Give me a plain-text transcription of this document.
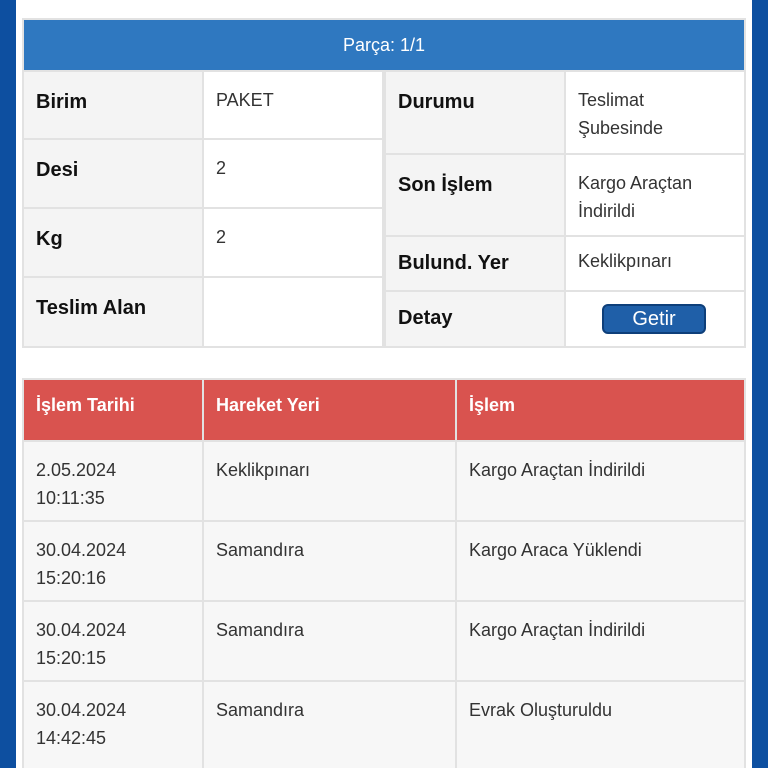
Parça: 1/1
Birim	PAKET
Desi	2
Kg	2
Teslim Alan
Durumu	Teslimat
Şubesinde
Son İşlem	Kargo Araçtan
İndirildi
Bulund. Yer	Keklikpınarı
Detay	Getir
İşlem Tarihi	Hareket Yeri	İşlem
2.05.2024
10:11:35
Keklikpınarı	Kargo Araçtan İndirildi
30.04.2024
15:20:16
Samandıra	Kargo Araca Yüklendi
30.04.2024
15:20:15
Samandıra	Kargo Araçtan İndirildi
30.04.2024
14:42:45
Samandıra	Evrak Oluşturuldu
